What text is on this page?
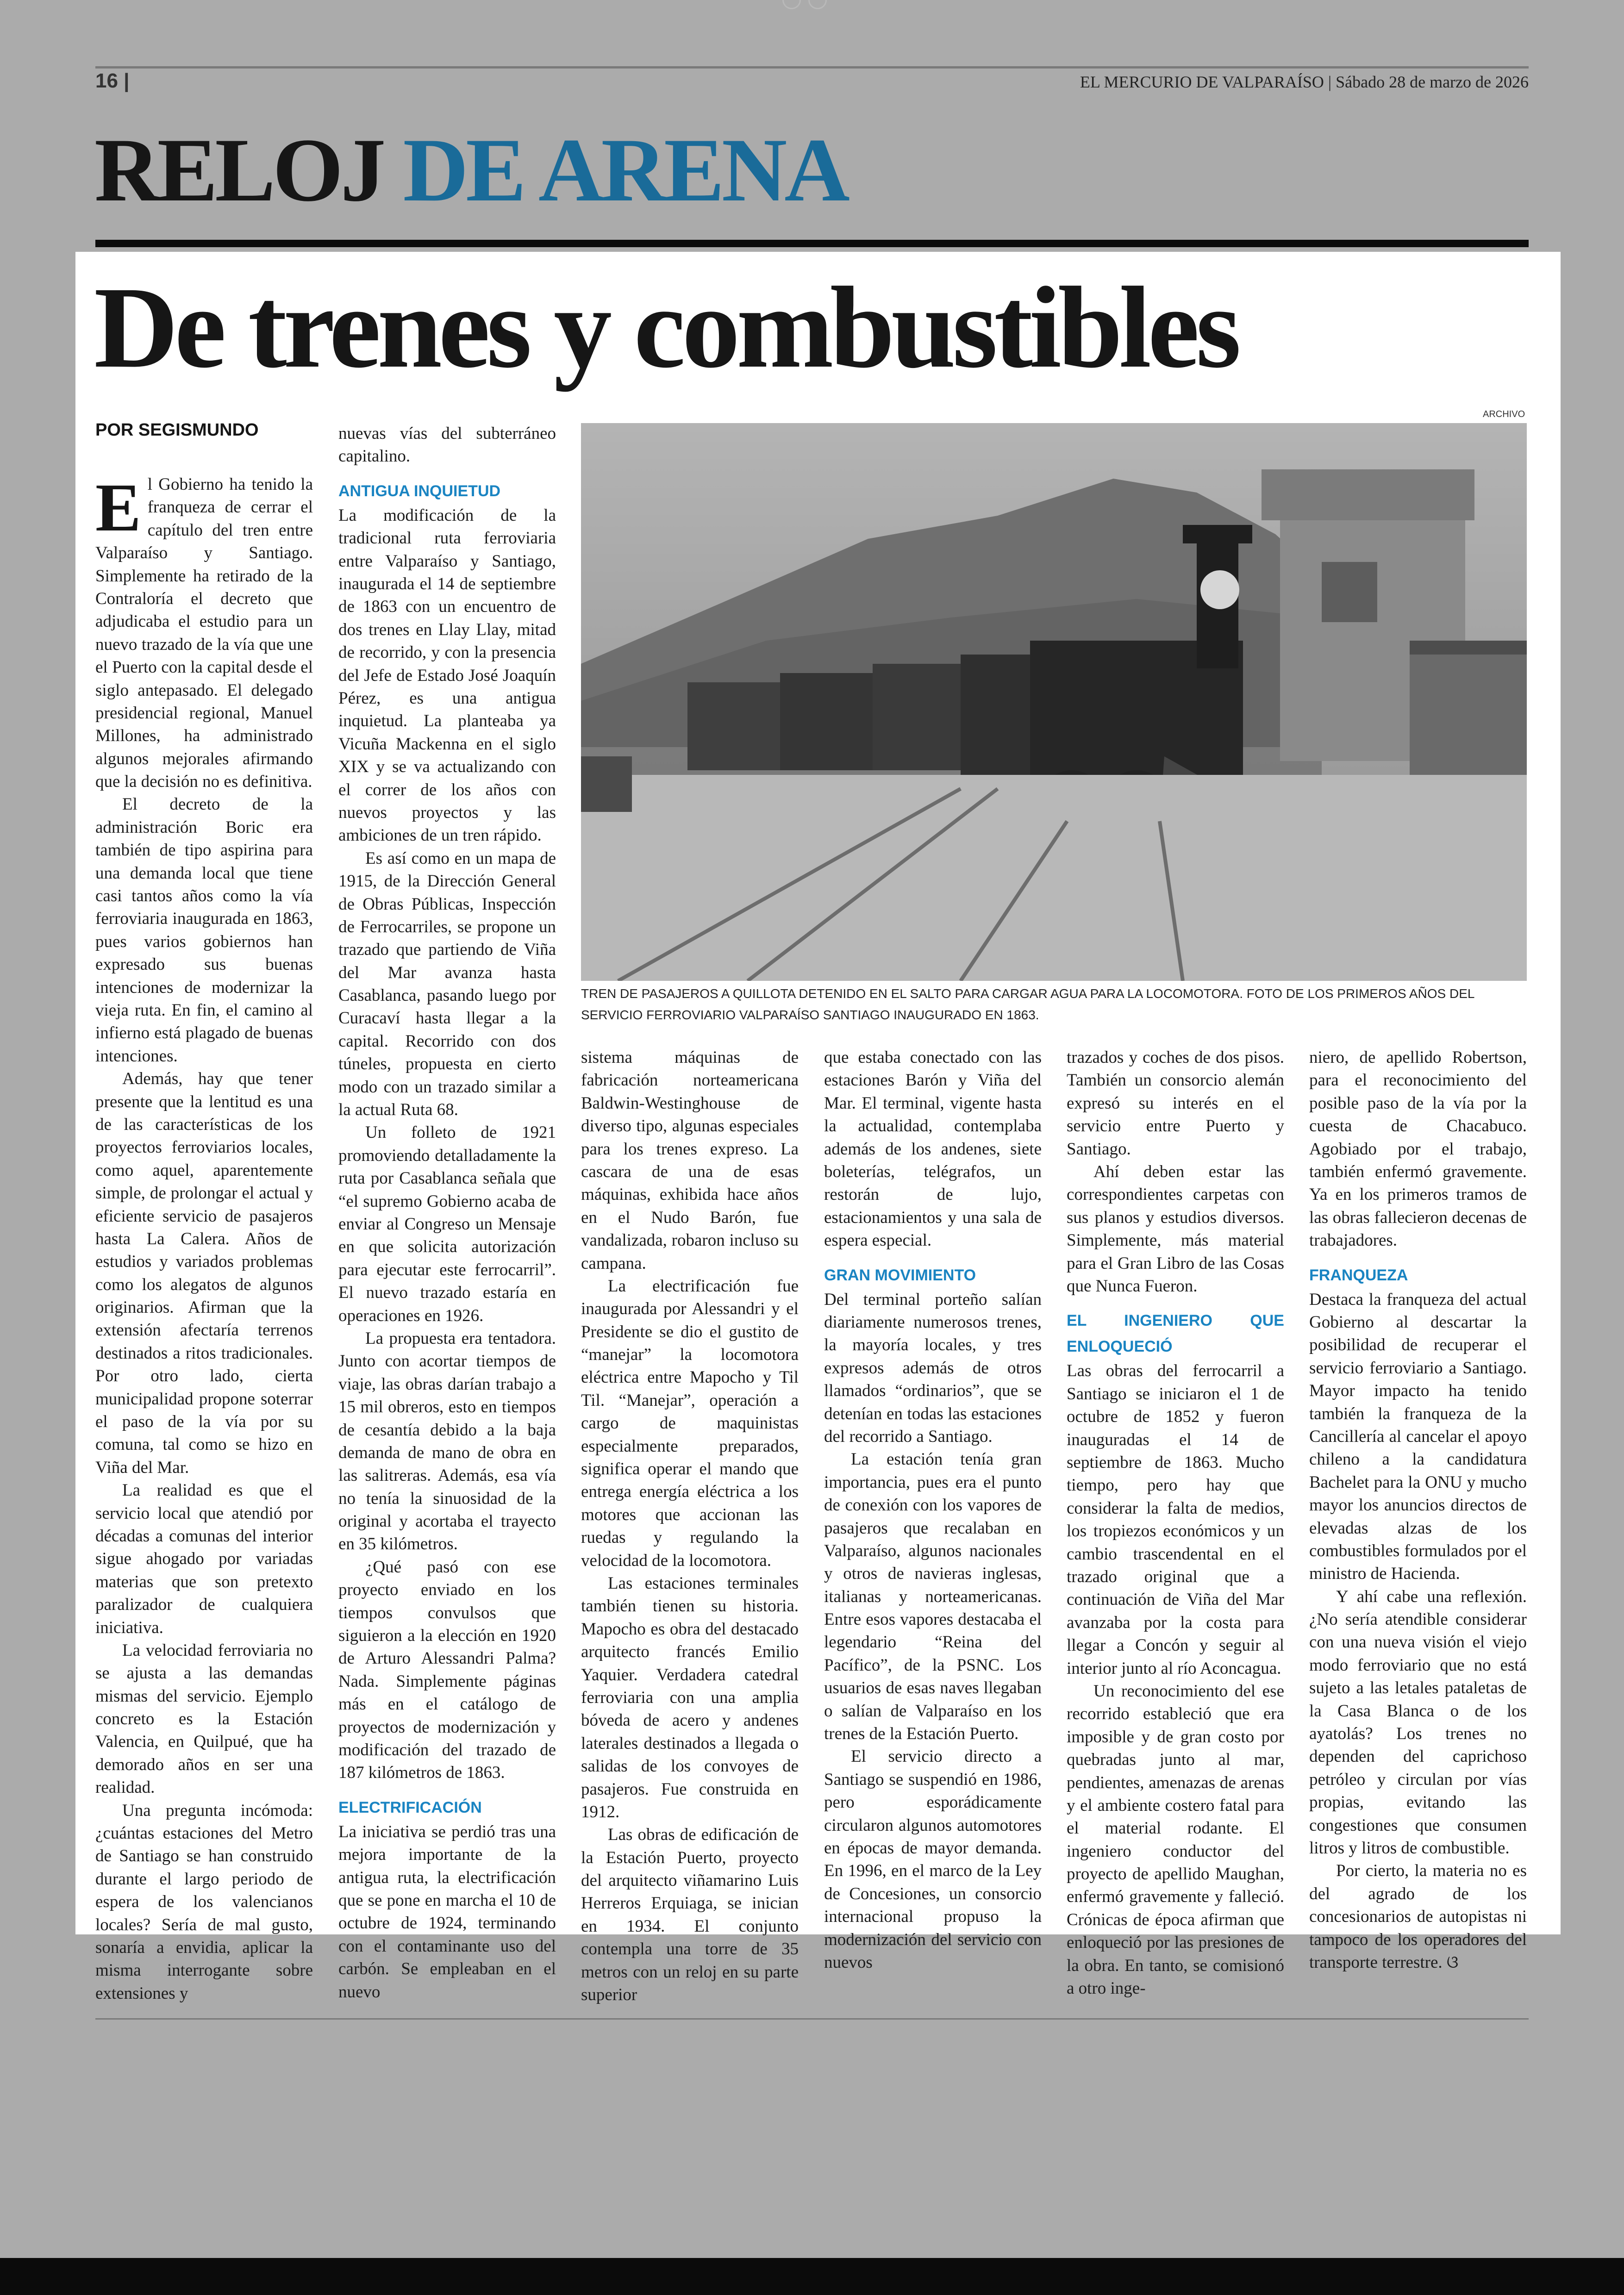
16 |	EL MERCURIO DE VALPARAÍSO | Sábado 28 de marzo de 2026
RELOJ DE ARENA
De trenes y combustibles
POR SEGISMUNDO
ARCHIVO
TREN DE PASAJEROS A QUILLOTA DETENIDO EN EL SALTO PARA CARGAR AGUA PARA LA LOCOMOTORA. FOTO DE LOS PRIMEROS AÑOS DEL SERVICIO FERROVIARIO VALPARAÍSO SANTIAGO INAUGURADO EN 1863.

El Gobierno ha tenido la franqueza de cerrar el capítulo del tren entre Valparaíso y Santiago. Simplemente ha retirado de la Contraloría el decreto que adjudicaba el estudio para un nuevo trazado de la vía que une el Puerto con la capital desde el siglo antepasado. El delegado presidencial regional, Manuel Millones, ha administrado algunos mejorales afirmando que la decisión no es definitiva.

El decreto de la administración Boric era también de tipo aspirina para una demanda local que tiene casi tantos años como la vía ferroviaria inaugurada en 1863, pues varios gobiernos han expresado sus buenas intenciones de modernizar la vieja ruta. En fin, el camino al infierno está plagado de buenas intenciones.

Además, hay que tener presente que la lentitud es una de las características de los proyectos ferroviarios locales, como aquel, aparentemente simple, de prolongar el actual y eficiente servicio de pasajeros hasta La Calera. Años de estudios y variados problemas como los alegatos de algunos originarios. Afirman que la extensión afectaría terrenos destinados a ritos tradicionales. Por otro lado, cierta municipalidad propone soterrar el paso de la vía por su comuna, tal como se hizo en Viña del Mar.

La realidad es que el servicio local que atendió por décadas a comunas del interior sigue ahogado por variadas materias que son pretexto paralizador de cualquiera iniciativa.

La velocidad ferroviaria no se ajusta a las demandas mismas del servicio. Ejemplo concreto es la Estación Valencia, en Quilpué, que ha demorado años en ser una realidad.

Una pregunta incómoda: ¿cuántas estaciones del Metro de Santiago se han construido durante el largo periodo de espera de los valencianos locales? Sería de mal gusto, sonaría a envidia, aplicar la misma interrogante sobre extensiones y

nuevas vías del subterráneo capitalino.

ANTIGUA INQUIETUD

La modificación de la tradicional ruta ferroviaria entre Valparaíso y Santiago, inaugurada el 14 de septiembre de 1863 con un encuentro de dos trenes en Llay Llay, mitad de recorrido, y con la presencia del Jefe de Estado José Joaquín Pérez, es una antigua inquietud. La planteaba ya Vicuña Mackenna en el siglo XIX y se va actualizando con el correr de los años con nuevos proyectos y las ambiciones de un tren rápido.

Es así como en un mapa de 1915, de la Dirección General de Obras Públicas, Inspección de Ferrocarriles, se propone un trazado que partiendo de Viña del Mar avanza hasta Casablanca, pasando luego por Curacaví hasta llegar a la capital. Recorrido con dos túneles, propuesta en cierto modo con un trazado similar a la actual Ruta 68.

Un folleto de 1921 promoviendo detalladamente la ruta por Casablanca señala que “el supremo Gobierno acaba de enviar al Congreso un Mensaje en que solicita autorización para ejecutar este ferrocarril”. El nuevo trazado estaría en operaciones en 1926.

La propuesta era tentadora. Junto con acortar tiempos de viaje, las obras darían trabajo a 15 mil obreros, esto en tiempos de cesantía debido a la baja demanda de mano de obra en las salitreras. Además, esa vía no tenía la sinuosidad de la original y acortaba el trayecto en 35 kilómetros.

¿Qué pasó con ese proyecto enviado en los tiempos convulsos que siguieron a la elección en 1920 de Arturo Alessandri Palma? Nada. Simplemente páginas más en el catálogo de proyectos de modernización y modificación del trazado de 187 kilómetros de 1863.

ELECTRIFICACIÓN

La iniciativa se perdió tras una mejora importante de la antigua ruta, la electrificación que se pone en marcha el 10 de octubre de 1924, terminando con el contaminante uso del carbón. Se empleaban en el nuevo

sistema máquinas de fabricación norteamericana Baldwin-Westinghouse de diverso tipo, algunas especiales para los trenes expreso. La cascara de una de esas máquinas, exhibida hace años en el Nudo Barón, fue vandalizada, robaron incluso su campana.

La electrificación fue inaugurada por Alessandri y el Presidente se dio el gustito de “manejar” la locomotora eléctrica entre Mapocho y Til Til. “Manejar”, operación a cargo de maquinistas especialmente preparados, significa operar el mando que entrega energía eléctrica a los motores que accionan las ruedas y regulando la velocidad de la locomotora.

Las estaciones terminales también tienen su historia. Mapocho es obra del destacado arquitecto francés Emilio Yaquier. Verdadera catedral ferroviaria con una amplia bóveda de acero y andenes laterales destinados a llegada o salidas de los convoyes de pasajeros. Fue construida en 1912.

Las obras de edificación de la Estación Puerto, proyecto del arquitecto viñamarino Luis Herreros Erquiaga, se inician en 1934. El conjunto contempla una torre de 35 metros con un reloj en su parte superior

que estaba conectado con las estaciones Barón y Viña del Mar. El terminal, vigente hasta la actualidad, contemplaba además de los andenes, siete boleterías, telégrafos, un restorán de lujo, estacionamientos y una sala de espera especial.

GRAN MOVIMIENTO

Del terminal porteño salían diariamente numerosos trenes, la mayoría locales, y tres expresos además de otros llamados “ordinarios”, que se detenían en todas las estaciones del recorrido a Santiago.

La estación tenía gran importancia, pues era el punto de conexión con los vapores de pasajeros que recalaban en Valparaíso, algunos nacionales y otros de navieras inglesas, italianas y norteamericanas. Entre esos vapores destacaba el legendario “Reina del Pacífico”, de la PSNC. Los usuarios de esas naves llegaban o salían de Valparaíso en los trenes de la Estación Puerto.

El servicio directo a Santiago se suspendió en 1986, pero esporádicamente circularon algunos automotores en épocas de mayor demanda. En 1996, en el marco de la Ley de Concesiones, un consorcio internacional propuso la modernización del servicio con nuevos

trazados y coches de dos pisos. También un consorcio alemán expresó su interés en el servicio entre Puerto y Santiago.

Ahí deben estar las correspondientes carpetas con sus planos y estudios diversos. Simplemente, más material para el Gran Libro de las Cosas que Nunca Fueron.

EL INGENIERO QUE ENLOQUECIÓ

Las obras del ferrocarril a Santiago se iniciaron el 1 de octubre de 1852 y fueron inauguradas el 14 de septiembre de 1863. Mucho tiempo, pero hay que considerar la falta de medios, los tropiezos económicos y un cambio trascendental en el trazado original que a continuación de Viña del Mar avanzaba por la costa para llegar a Concón y seguir al interior junto al río Aconcagua.

Un reconocimiento del ese recorrido estableció que era imposible y de gran costo por quebradas junto al mar, pendientes, amenazas de arenas y el ambiente costero fatal para el material rodante. El ingeniero conductor del proyecto de apellido Maughan, enfermó gravemente y falleció. Crónicas de época afirman que enloqueció por las presiones de la obra. En tanto, se comisionó a otro inge-

niero, de apellido Robertson, para el reconocimiento del posible paso de la vía por la cuesta de Chacabuco. Agobiado por el trabajo, también enfermó gravemente. Ya en los primeros tramos de las obras fallecieron decenas de trabajadores.

FRANQUEZA

Destaca la franqueza del actual Gobierno al descartar la posibilidad de recuperar el servicio ferroviario a Santiago. Mayor impacto ha tenido también la franqueza de la Cancillería al cancelar el apoyo chileno a la candidatura Bachelet para la ONU y mucho mayor los anuncios directos de elevadas alzas de los combustibles formulados por el ministro de Hacienda.

Y ahí cabe una reflexión. ¿No sería atendible considerar con una nueva visión el viejo modo ferroviario que no está sujeto a las letales pataletas de la Casa Blanca o de los ayatolás? Los trenes no dependen del caprichoso petróleo y circulan por vías propias, evitando las congestiones que consumen litros y litros de combustible.

Por cierto, la materia no es del agrado de los concesionarios de autopistas ni tampoco de los operadores del transporte terrestre. ଓ
